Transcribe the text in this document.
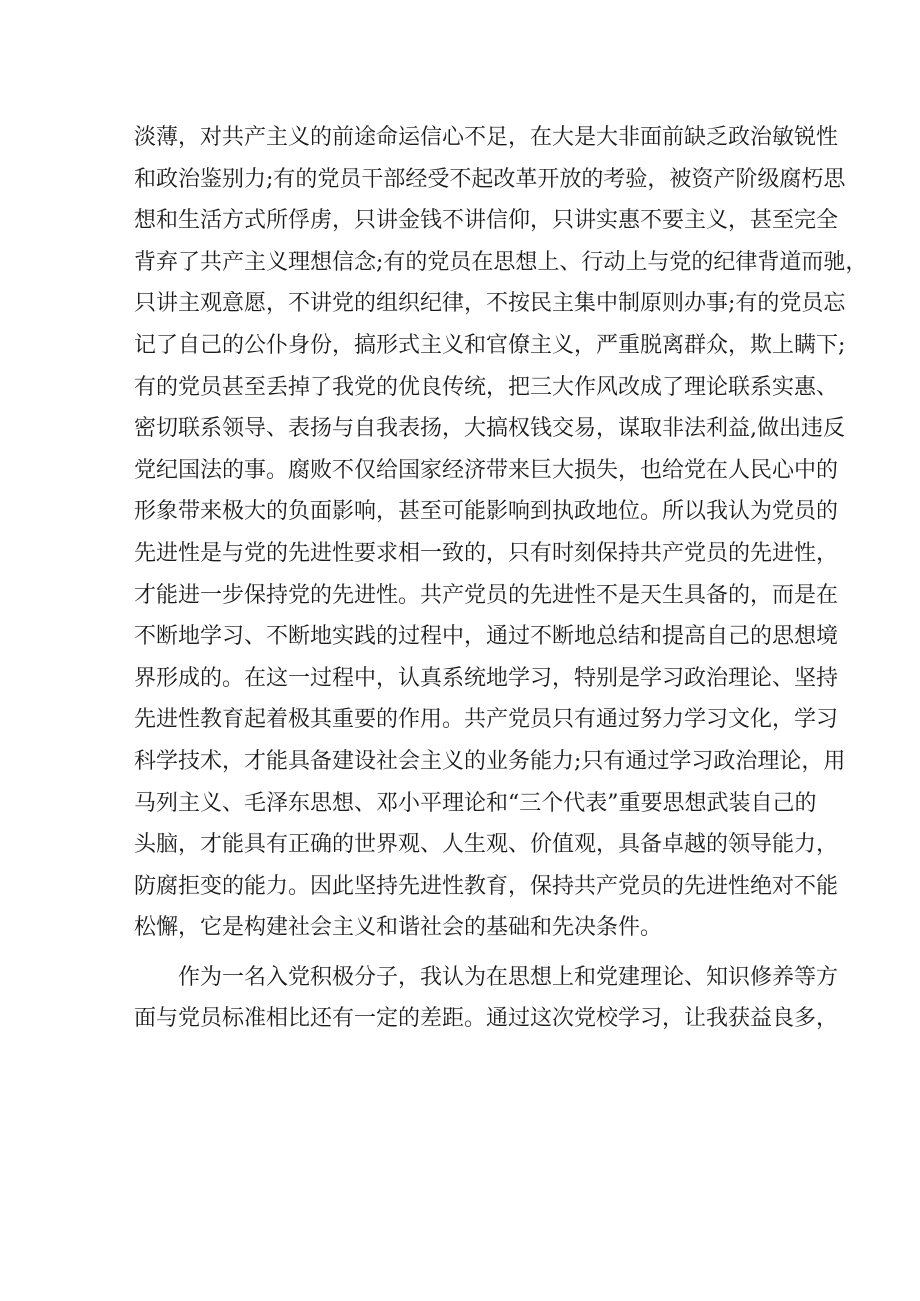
淡薄，对共产主义的前途命运信心不足，在大是大非面前缺乏政治敏锐性
和政治鉴别力;有的党员干部经受不起改革开放的考验，被资产阶级腐朽思
想和生活方式所俘虏，只讲金钱不讲信仰，只讲实惠不要主义，甚至完全
背弃了共产主义理想信念;有的党员在思想上、行动上与党的纪律背道而驰，
只讲主观意愿，不讲党的组织纪律，不按民主集中制原则办事;有的党员忘
记了自己的公仆身份，搞形式主义和官僚主义，严重脱离群众，欺上瞒下;
有的党员甚至丢掉了我党的优良传统，把三大作风改成了理论联系实惠、
密切联系领导、表扬与自我表扬，大搞权钱交易，谋取非法利益,做出违反
党纪国法的事。腐败不仅给国家经济带来巨大损失，也给党在人民心中的
形象带来极大的负面影响，甚至可能影响到执政地位。所以我认为党员的
先进性是与党的先进性要求相一致的，只有时刻保持共产党员的先进性，
才能进一步保持党的先进性。共产党员的先进性不是天生具备的，而是在
不断地学习、不断地实践的过程中，通过不断地总结和提高自己的思想境
界形成的。在这一过程中，认真系统地学习，特别是学习政治理论、坚持
先进性教育起着极其重要的作用。共产党员只有通过努力学习文化，学习
科学技术，才能具备建设社会主义的业务能力;只有通过学习政治理论，用
马列主义、毛泽东思想、邓小平理论和“三个代表”重要思想武装自己的
头脑，才能具有正确的世界观、人生观、价值观，具备卓越的领导能力，
防腐拒变的能力。因此坚持先进性教育，保持共产党员的先进性绝对不能
松懈，它是构建社会主义和谐社会的基础和先决条件。
作为一名入党积极分子，我认为在思想上和党建理论、知识修养等方
面与党员标准相比还有一定的差距。通过这次党校学习，让我获益良多，
